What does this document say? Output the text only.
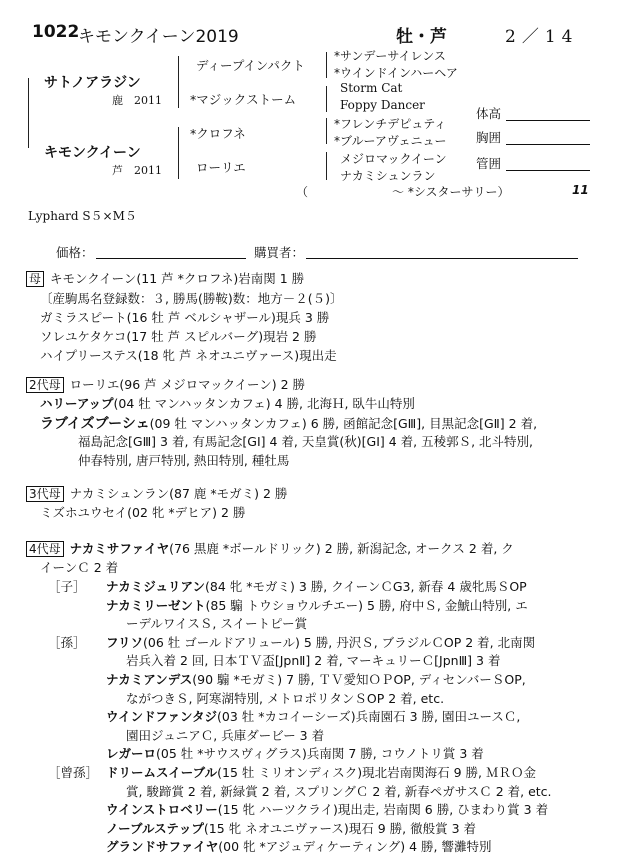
1022
キモンクイーン2019	牡・芦	2／14
サトノアラジン
鹿　2011
キモンクイーン
芦　2011
ディープインパクト
*マジックストーム
*クロフネ
ローリエ
*サンデーサイレンス
*ウインドインハーヘア
Storm Cat
Foppy Dancer
*フレンチデピュティ
*ブルーアヴェニュー
メジロマックイーン
ナカミシュンラン
（　　　　　　　～ *シスターサリー）	11
Lyphard S５×M５
体高
胸囲
管囲
価格：	購買者：
母 キモンクイーン(11 芦 *クロフネ)岩南関 1 勝
〔産駒馬名登録数：３, 勝馬(勝鞍)数：地方－２(５)〕
ガミラスピート(16 牡 芦 ベルシャザール)現兵 3 勝
ソレユケタケコ(17 牡 芦 スピルバーグ)現岩 2 勝
ハイプリーステス(18 牝 芦 ネオユニヴァース)現出走
2代母 ローリエ(96 芦 メジロマックイーン) 2 勝
ハリーアップ(04 牡 マンハッタンカフェ) 4 勝, 北海Ｈ, 臥牛山特別
ラブイズブーシェ(09 牡 マンハッタンカフェ) 6 勝, 函館記念[GⅢ], 目黒記念[GⅡ] 2 着,
福島記念[GⅢ] 3 着, 有馬記念[GⅠ] 4 着, 天皇賞(秋)[GⅠ] 4 着, 五稜郭Ｓ, 北斗特別,
仲春特別, 唐戸特別, 熱田特別, 種牡馬
3代母 ナカミシュンラン(87 鹿 *モガミ) 2 勝
ミズホユウセイ(02 牝 *デヒア) 2 勝
4代母 ナカミサファイヤ(76 黒鹿 *ボールドリック) 2 勝, 新潟記念, オークス 2 着, ク
イーンＣ 2 着
［子］ ナカミジュリアン(84 牝 *モガミ) 3 勝, クイーンＣG3, 新春 4 歳牝馬ＳOP
ナカミリーゼント(85 騸 トウショウルチエー) 5 勝, 府中Ｓ, 金鯱山特別, エ
ーデルワイスＳ, スイートピー賞
［孫］ フリソ(06 牡 ゴールドアリュール) 5 勝, 丹沢Ｓ, ブラジルＣOP 2 着, 北南関
岩兵入着 2 回, 日本ＴＶ盃[JpnⅡ] 2 着, マーキュリーＣ[JpnⅢ] 3 着
ナカミアンデス(90 騸 *モガミ) 7 勝, ＴＶ愛知ＯＰOP, ディセンバーＳOP,
ながつきＳ, 阿寒湖特別, メトロポリタンＳOP 2 着, etc.
ウインドファンタジ(03 牡 *カコイーシーズ)兵南園石 3 勝, 園田ユースＣ,
園田ジュニアＣ, 兵庫ダービー 3 着
レガーロ(05 牡 *サウスヴィグラス)兵南関 7 勝, コウノトリ賞 3 着
［曾孫］ ドリームスイーブル(15 牡 ミリオンディスク)現北岩南関海石 9 勝, ＭＲＯ金
賞, 駿蹄賞 2 着, 新緑賞 2 着, スプリングＣ 2 着, 新春ペガサスＣ 2 着, etc.
ウインストロベリー(15 牝 ハーツクライ)現出走, 岩南関 6 勝, ひまわり賞 3 着
ノーブルステップ(15 牝 ネオユニヴァース)現石 9 勝, 徹般賞 3 着
グランドサファイヤ(00 牝 *アジュディケーティング) 4 勝, 響灘特別
